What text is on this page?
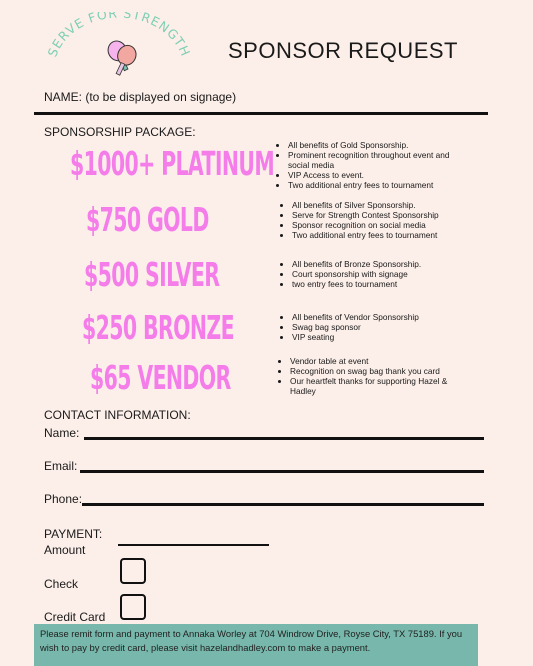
SERVE FOR STRENGTH SPONSOR REQUEST
NAME: (to be displayed on signage)
SPONSORSHIP PACKAGE:
$1000+ PLATINUM
$750 GOLD
$500 SILVER
$250 BRONZE
$65 VENDOR
• All benefits of Gold Sponsorship.
• Prominent recognition throughout event and social media
• VIP Access to event.
• Two additional entry fees to tournament
• All benefits of Silver Sponsorship.
• Serve for Strength Contest Sponsorship
• Sponsor recognition on social media
• Two additional entry fees to tournament
• All benefits of Bronze Sponsorship.
• Court sponsorship with signage
• two entry fees to tournament
• All benefits of Vendor Sponsorship
• Swag bag sponsor
• VIP seating
• Vendor table at event
• Recognition on swag bag thank you card
• Our heartfelt thanks for supporting Hazel & Hadley
CONTACT INFORMATION:
Name:
Email:
Phone:
PAYMENT:
Amount
Check
Credit Card
Please remit form and payment to Annaka Worley at 704 Windrow Drive, Royse City, TX 75189. If you wish to pay by credit card, please visit hazelandhadley.com to make a payment.
